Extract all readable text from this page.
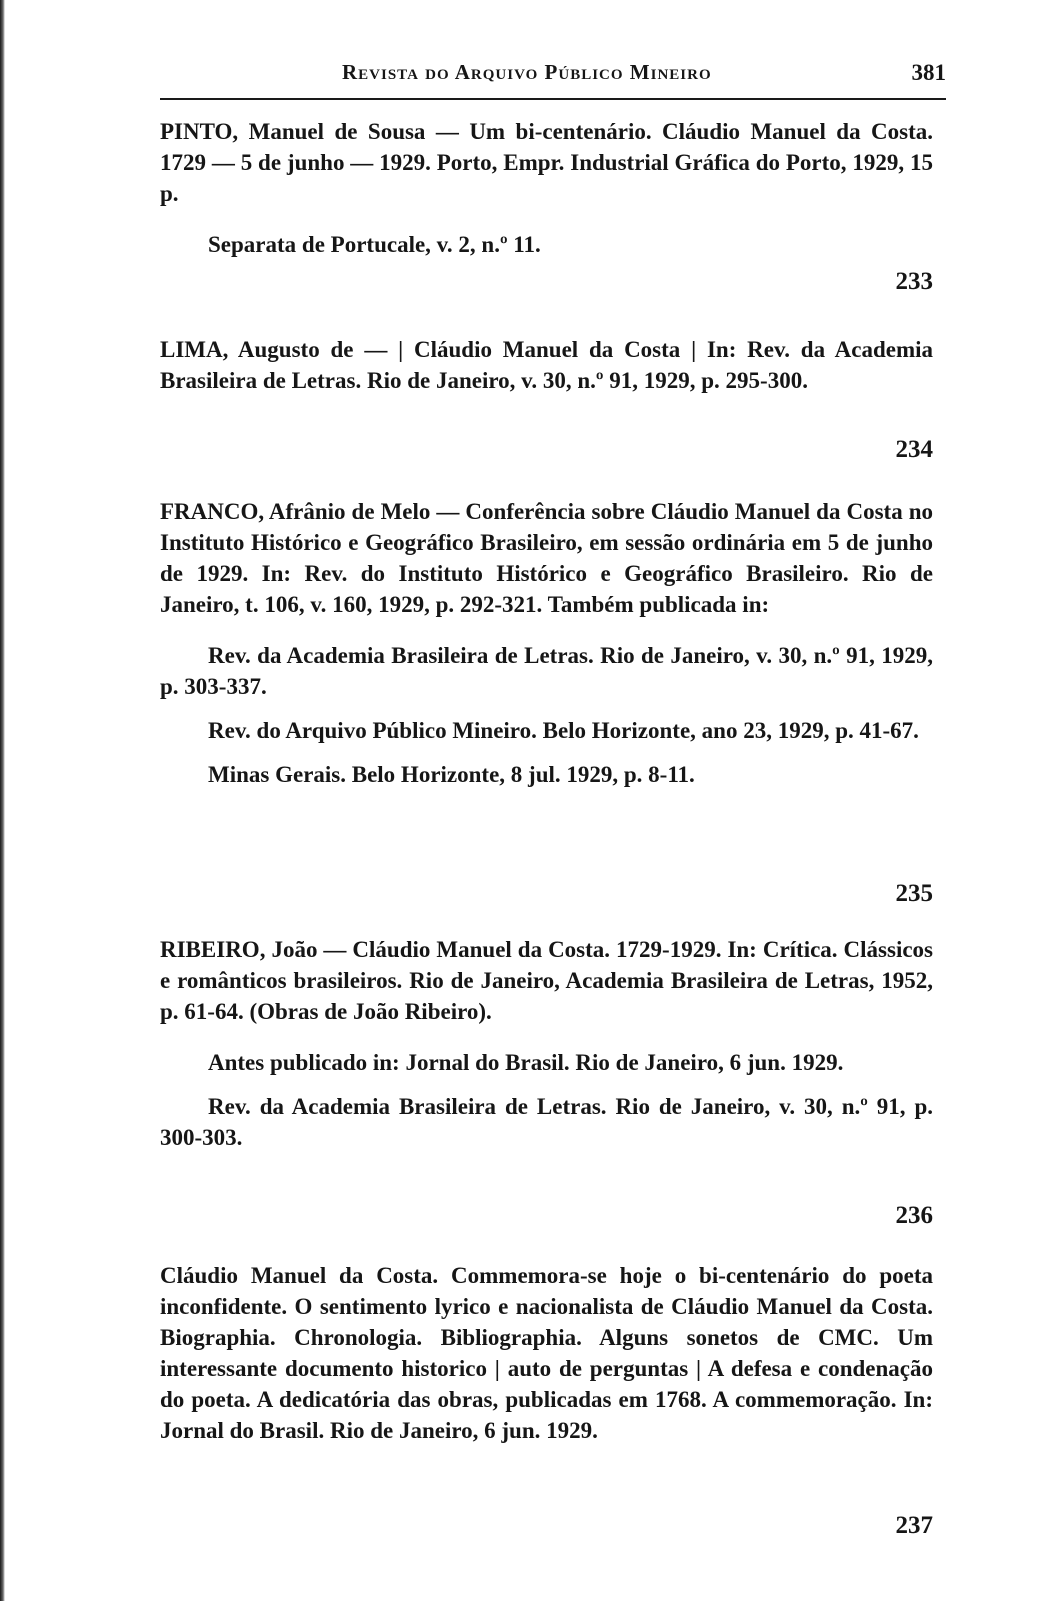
Revista do Arquivo Público Mineiro	381

PINTO, Manuel de Sousa — Um bi-centenário. Cláudio Manuel da Costa. 1729 — 5 de junho — 1929. Porto, Empr. Industrial Gráfica do Porto, 1929, 15 p.

Separata de Portucale, v. 2, n.º 11.

233

LIMA, Augusto de — | Cláudio Manuel da Costa | In: Rev. da Academia Brasileira de Letras. Rio de Janeiro, v. 30, n.º 91, 1929, p. 295-300.

234

FRANCO, Afrânio de Melo — Conferência sobre Cláudio Manuel da Costa no Instituto Histórico e Geográfico Brasileiro, em sessão ordinária em 5 de junho de 1929. In: Rev. do Instituto Histórico e Geográfico Brasileiro. Rio de Janeiro, t. 106, v. 160, 1929, p. 292-321. Também publicada in:

Rev. da Academia Brasileira de Letras. Rio de Janeiro, v. 30, n.º 91, 1929, p. 303-337.

Rev. do Arquivo Público Mineiro. Belo Horizonte, ano 23, 1929, p. 41-67.

Minas Gerais. Belo Horizonte, 8 jul. 1929, p. 8-11.

235

RIBEIRO, João — Cláudio Manuel da Costa. 1729-1929. In: Crítica. Clássicos e românticos brasileiros. Rio de Janeiro, Academia Brasileira de Letras, 1952, p. 61-64. (Obras de João Ribeiro).

Antes publicado in: Jornal do Brasil. Rio de Janeiro, 6 jun. 1929.

Rev. da Academia Brasileira de Letras. Rio de Janeiro, v. 30, n.º 91, p. 300-303.

236

Cláudio Manuel da Costa. Commemora-se hoje o bi-centenário do poeta inconfidente. O sentimento lyrico e nacionalista de Cláudio Manuel da Costa. Biographia. Chronologia. Bibliographia. Alguns sonetos de CMC. Um interessante documento historico | auto de perguntas | A defesa e condenação do poeta. A dedicatória das obras, publicadas em 1768. A commemoração. In: Jornal do Brasil. Rio de Janeiro, 6 jun. 1929.

237
